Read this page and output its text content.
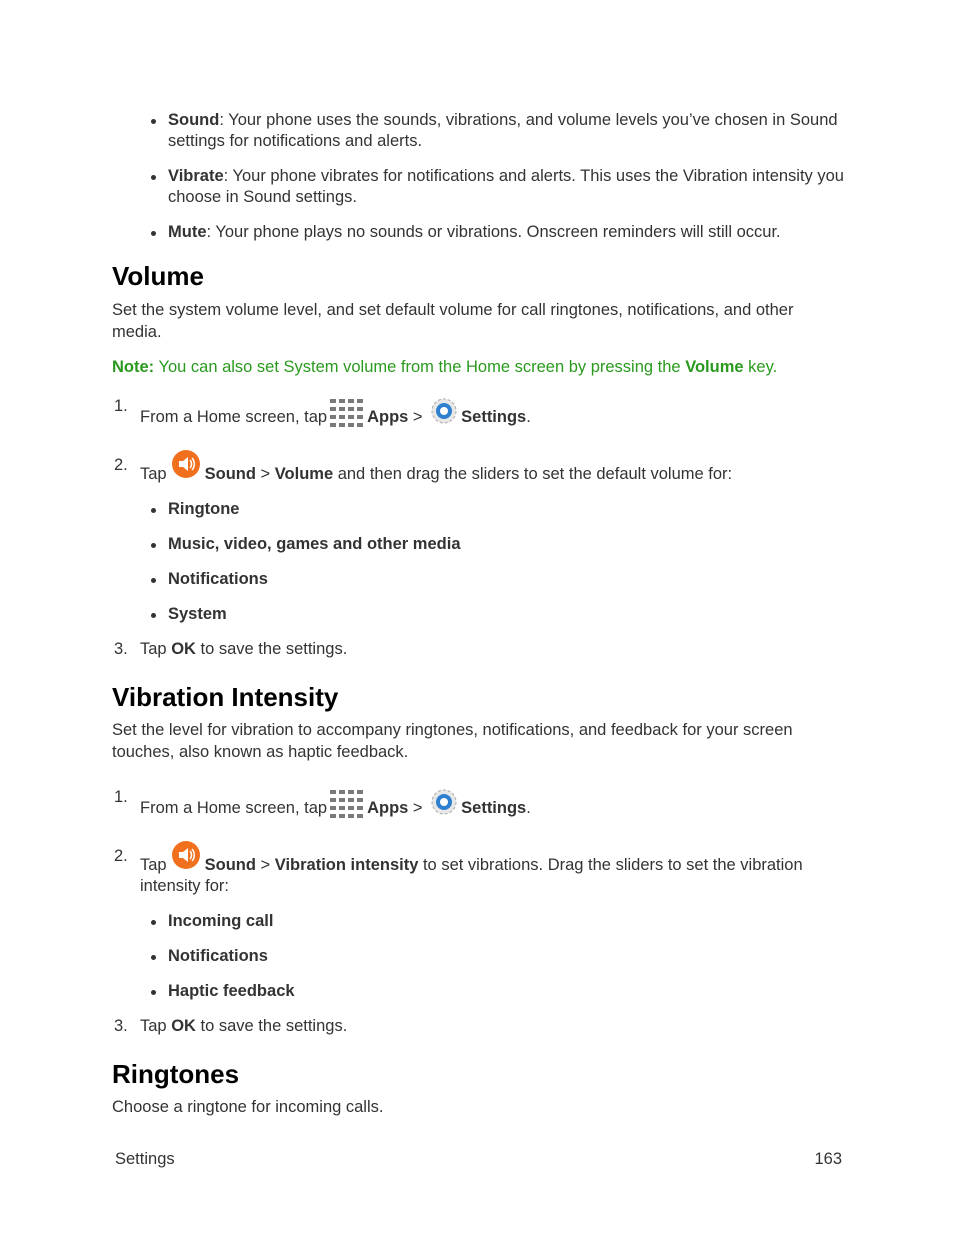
Sound: Your phone uses the sounds, vibrations, and volume levels you’ve chosen in Sound settings for notifications and alerts.
Vibrate: Your phone vibrates for notifications and alerts. This uses the Vibration intensity you choose in Sound settings.
Mute: Your phone plays no sounds or vibrations. Onscreen reminders will still occur.
Volume

Set the system volume level, and set default volume for call ringtones, notifications, and other media.

Note: You can also set System volume from the Home screen by pressing the Volume key.

1.
From a Home screen, tap Apps >
Settings.
2. Tap Sound > Volume and then drag the sliders to set the default volume for:
Ringtone
Music, video, games and other media
Notifications
System
3. Tap OK to save the settings.
Vibration Intensity

Set the level for vibration to accompany ringtones, notifications, and feedback for your screen touches, also known as haptic feedback.

1.
From a Home screen, tap Apps >
Settings.
2. Tap Sound > Vibration intensity to set vibrations. Drag the sliders to set the vibration intensity for:
Incoming call
Notifications
Haptic feedback
3. Tap OK to save the settings.
Ringtones

Choose a ringtone for incoming calls.

Settings	163
